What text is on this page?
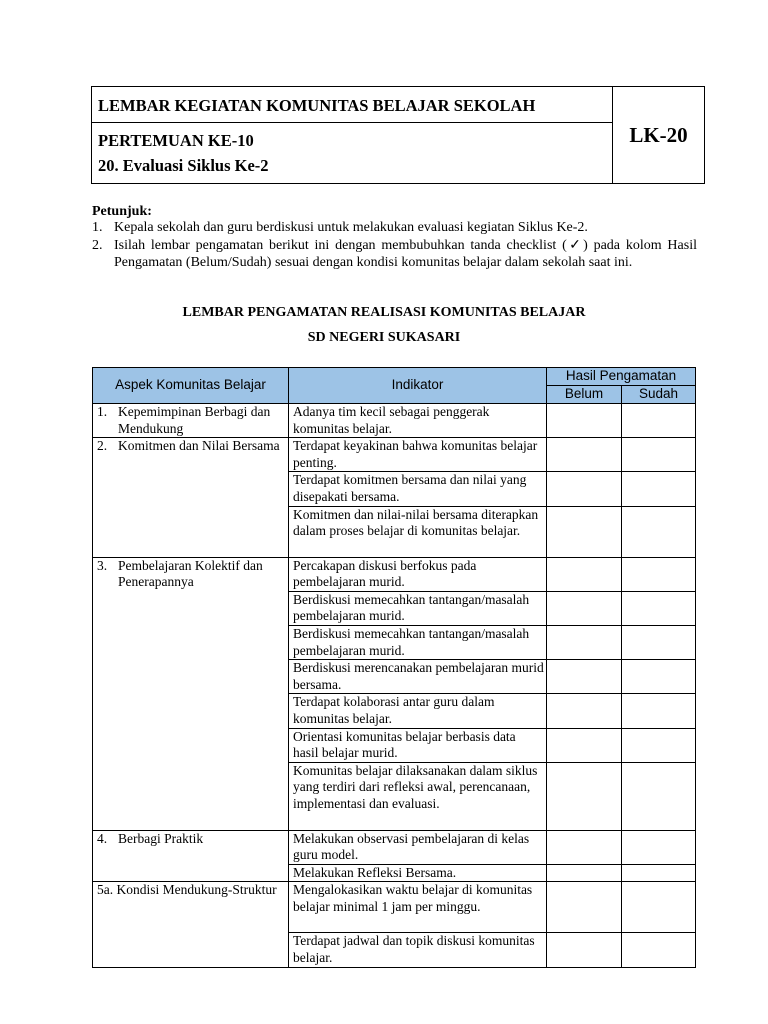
LEMBAR KEGIATAN KOMUNITAS BELAJAR SEKOLAH
PERTEMUAN KE-10
20. Evaluasi Siklus Ke-2
LK-20
Petunjuk:
1. Kepala sekolah dan guru berdiskusi untuk melakukan evaluasi kegiatan Siklus Ke-2.
2. Isilah lembar pengamatan berikut ini dengan membubuhkan tanda checklist (✓) pada kolom Hasil Pengamatan (Belum/Sudah) sesuai dengan kondisi komunitas belajar dalam sekolah saat ini.
LEMBAR PENGAMATAN REALISASI KOMUNITAS BELAJAR
SD NEGERI SUKASARI
Aspek Komunitas Belajar	Indikator	Hasil Pengamatan	
		Belum	Sudah

1. Kepemimpinan Berbagi dan Mendukung	Adanya tim kecil sebagai penggerak komunitas belajar.		

2. Komitmen dan Nilai Bersama	Terdapat keyakinan bahwa komunitas belajar penting.		
	Terdapat komitmen bersama dan nilai yang disepakati bersama.		
	Komitmen dan nilai-nilai bersama diterapkan dalam proses belajar di komunitas belajar.		

3. Pembelajaran Kolektif dan Penerapannya	Percakapan diskusi berfokus pada pembelajaran murid.		
	Berdiskusi memecahkan tantangan/masalah pembelajaran murid.		
	Berdiskusi memecahkan tantangan/masalah pembelajaran murid.		
	Berdiskusi merencanakan pembelajaran murid bersama.		
	Terdapat kolaborasi antar guru dalam komunitas belajar.		
	Orientasi komunitas belajar berbasis data hasil belajar murid.		
	Komunitas belajar dilaksanakan dalam siklus yang terdiri dari refleksi awal, perencanaan, implementasi dan evaluasi.		

4. Berbagi Praktik	Melakukan observasi pembelajaran di kelas guru model.		
	Melakukan Refleksi Bersama.		
5a. Kondisi Mendukung-Struktur	Mengalokasikan waktu belajar di komunitas belajar minimal 1 jam per minggu.		
	Terdapat jadwal dan topik diskusi komunitas belajar.		
